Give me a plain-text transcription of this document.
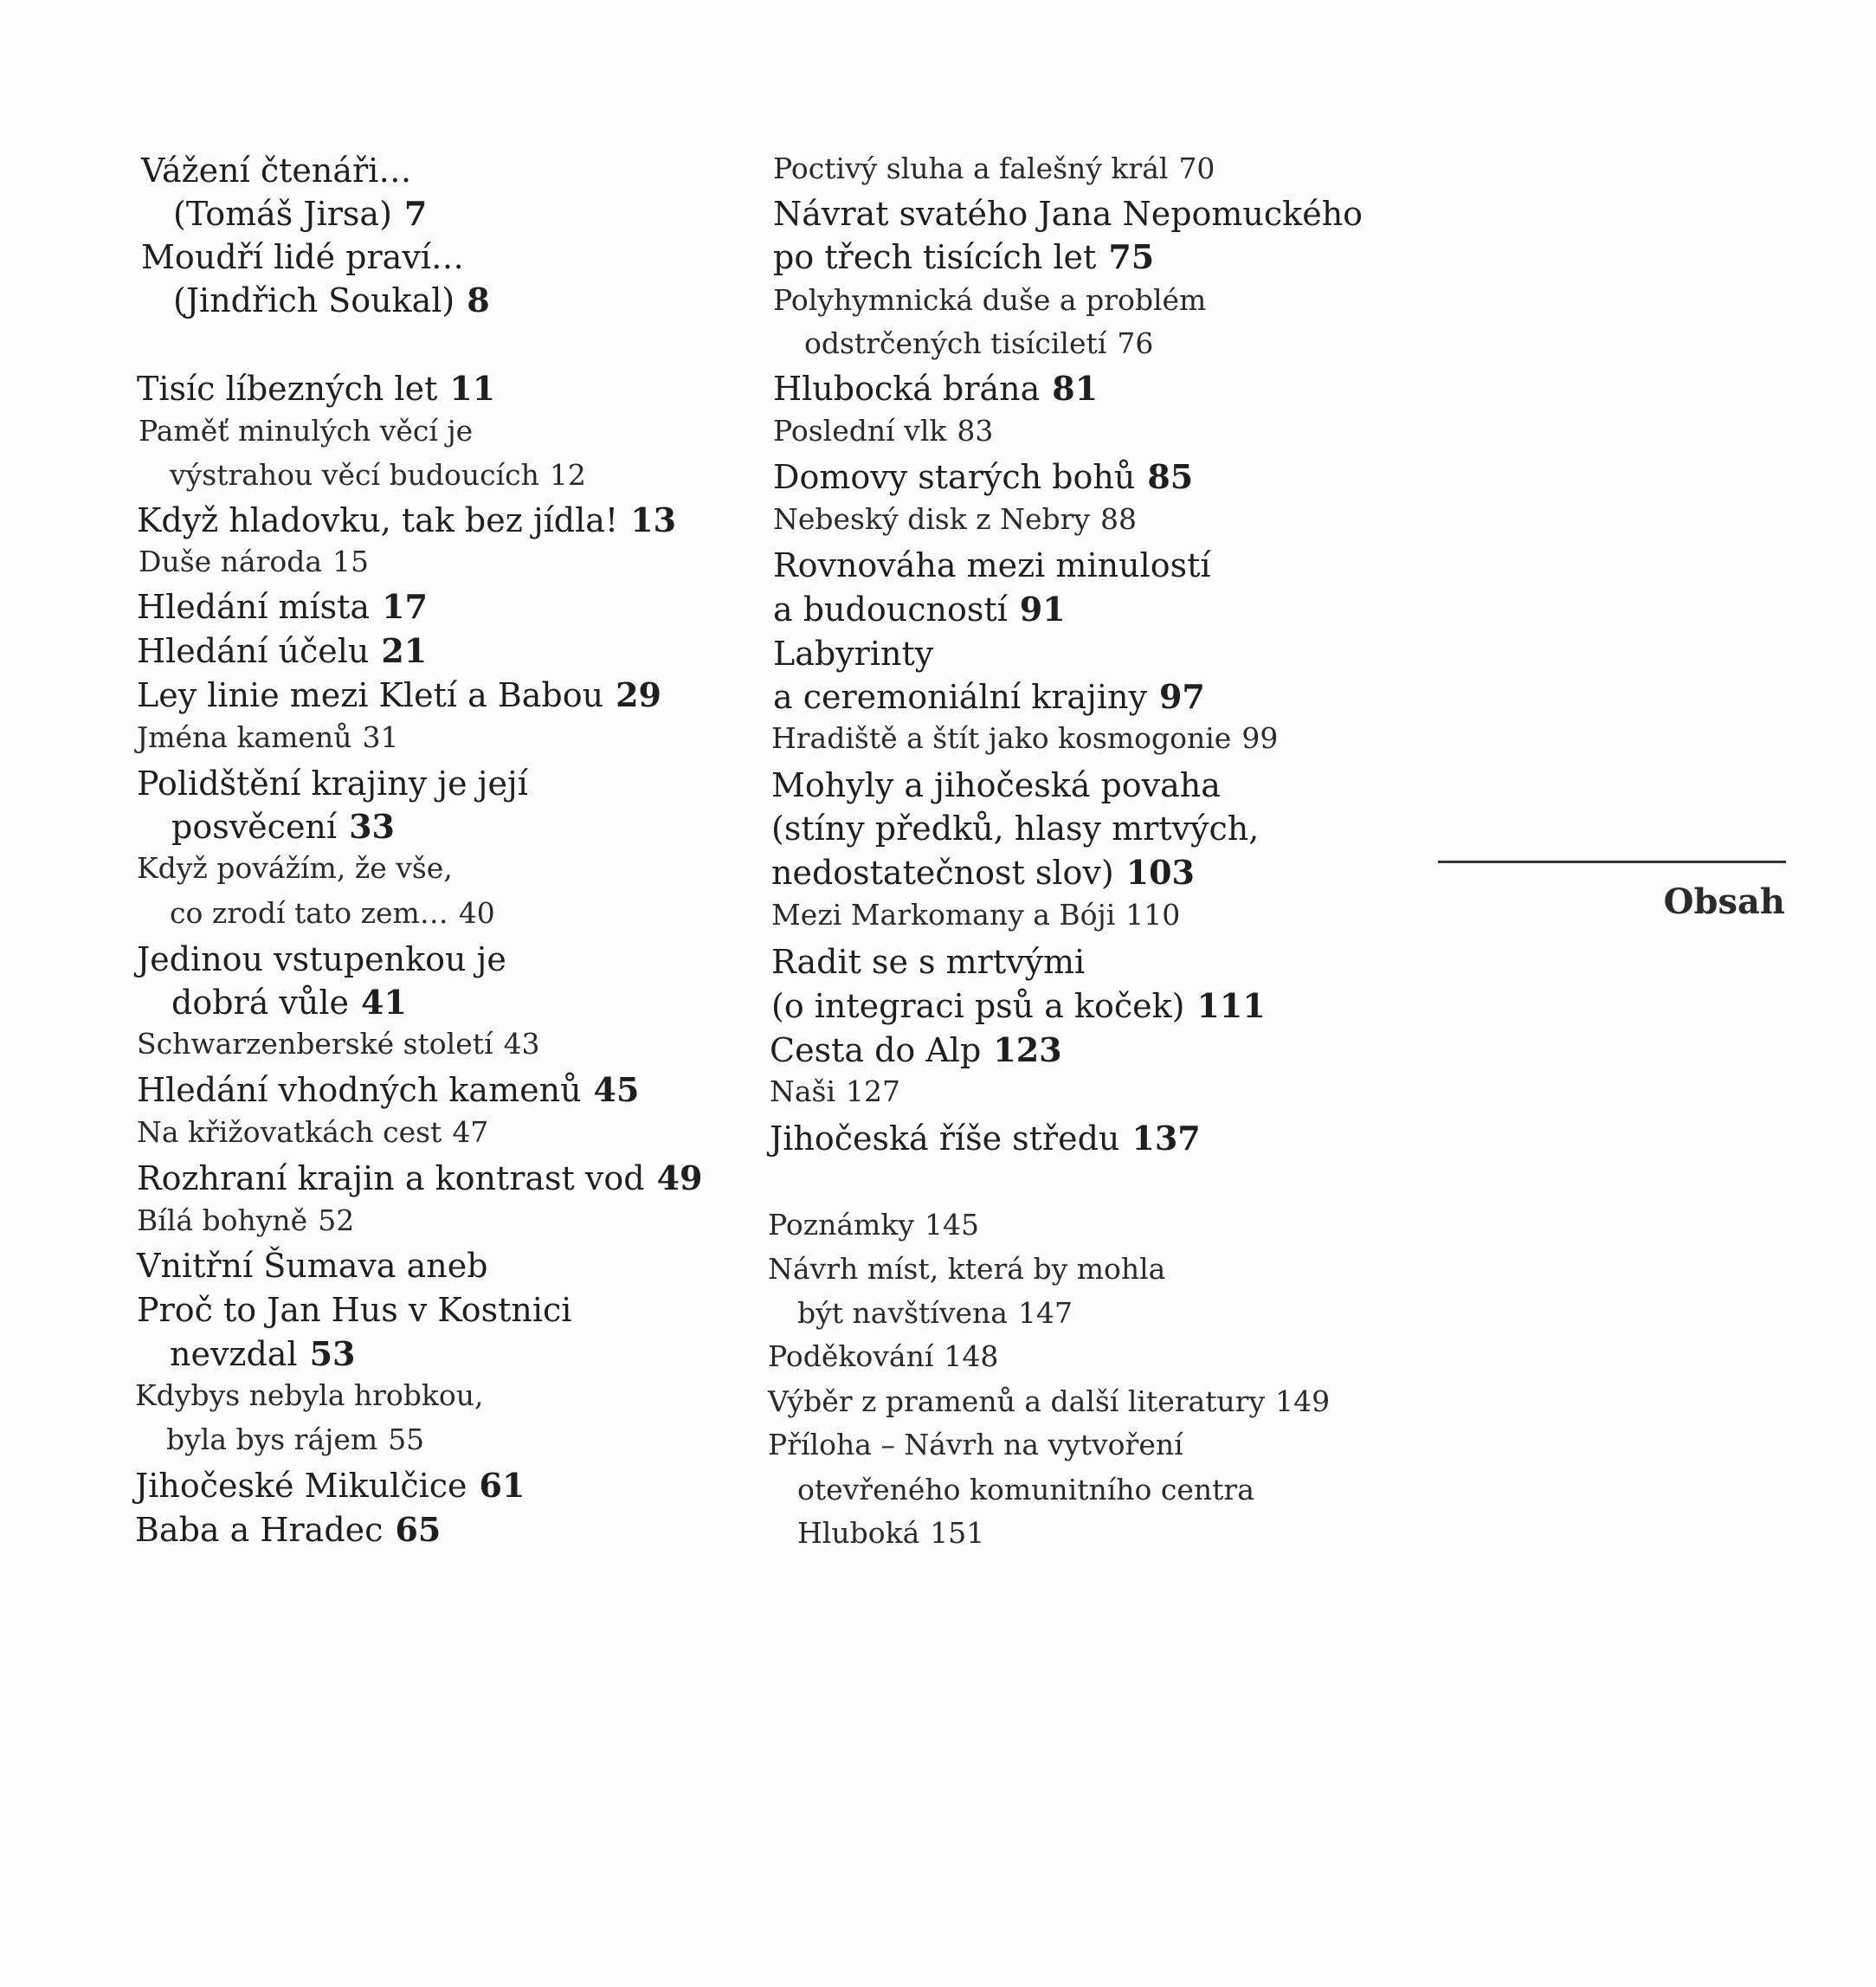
Vážení čtenáři…
(Tomáš Jirsa) 7
Moudří lidé praví…
(Jindřich Soukal) 8
Tisíc líbezných let 11
Paměť minulých věcí je
výstrahou věcí budoucích 12
Když hladovku, tak bez jídla! 13
Duše národa 15
Hledání místa 17
Hledání účelu 21
Ley linie mezi Kletí a Babou 29
Jména kamenů 31
Polidštění krajiny je její
posvěcení 33
Když povážím, že vše,
co zrodí tato zem… 40
Jedinou vstupenkou je
dobrá vůle 41
Schwarzenberské století 43
Hledání vhodných kamenů 45
Na křižovatkách cest 47
Rozhraní krajin a kontrast vod 49
Bílá bohyně 52
Vnitřní Šumava aneb
Proč to Jan Hus v Kostnici
nevzdal 53
Kdybys nebyla hrobkou,
byla bys rájem 55
Jihočeské Mikulčice 61
Baba a Hradec 65
Poctivý sluha a falešný král 70
Návrat svatého Jana Nepomuckého
po třech tisících let 75
Polyhymnická duše a problém
odstrčených tisíciletí 76
Hlubocká brána 81
Poslední vlk 83
Domovy starých bohů 85
Nebeský disk z Nebry 88
Rovnováha mezi minulostí
a budoucností 91
Labyrinty
a ceremoniální krajiny 97
Hradiště a štít jako kosmogonie 99
Mohyly a jihočeská povaha
(stíny předků, hlasy mrtvých,
nedostatečnost slov) 103
Mezi Markomany a Bóji 110
Radit se s mrtvými
(o integraci psů a koček) 111
Cesta do Alp 123
Naši 127
Jihočeská říše středu 137
Poznámky 145
Návrh míst, která by mohla
být navštívena 147
Poděkování 148
Výběr z pramenů a další literatury 149
Příloha – Návrh na vytvoření
otevřeného komunitního centra
Hluboká 151
Obsah
